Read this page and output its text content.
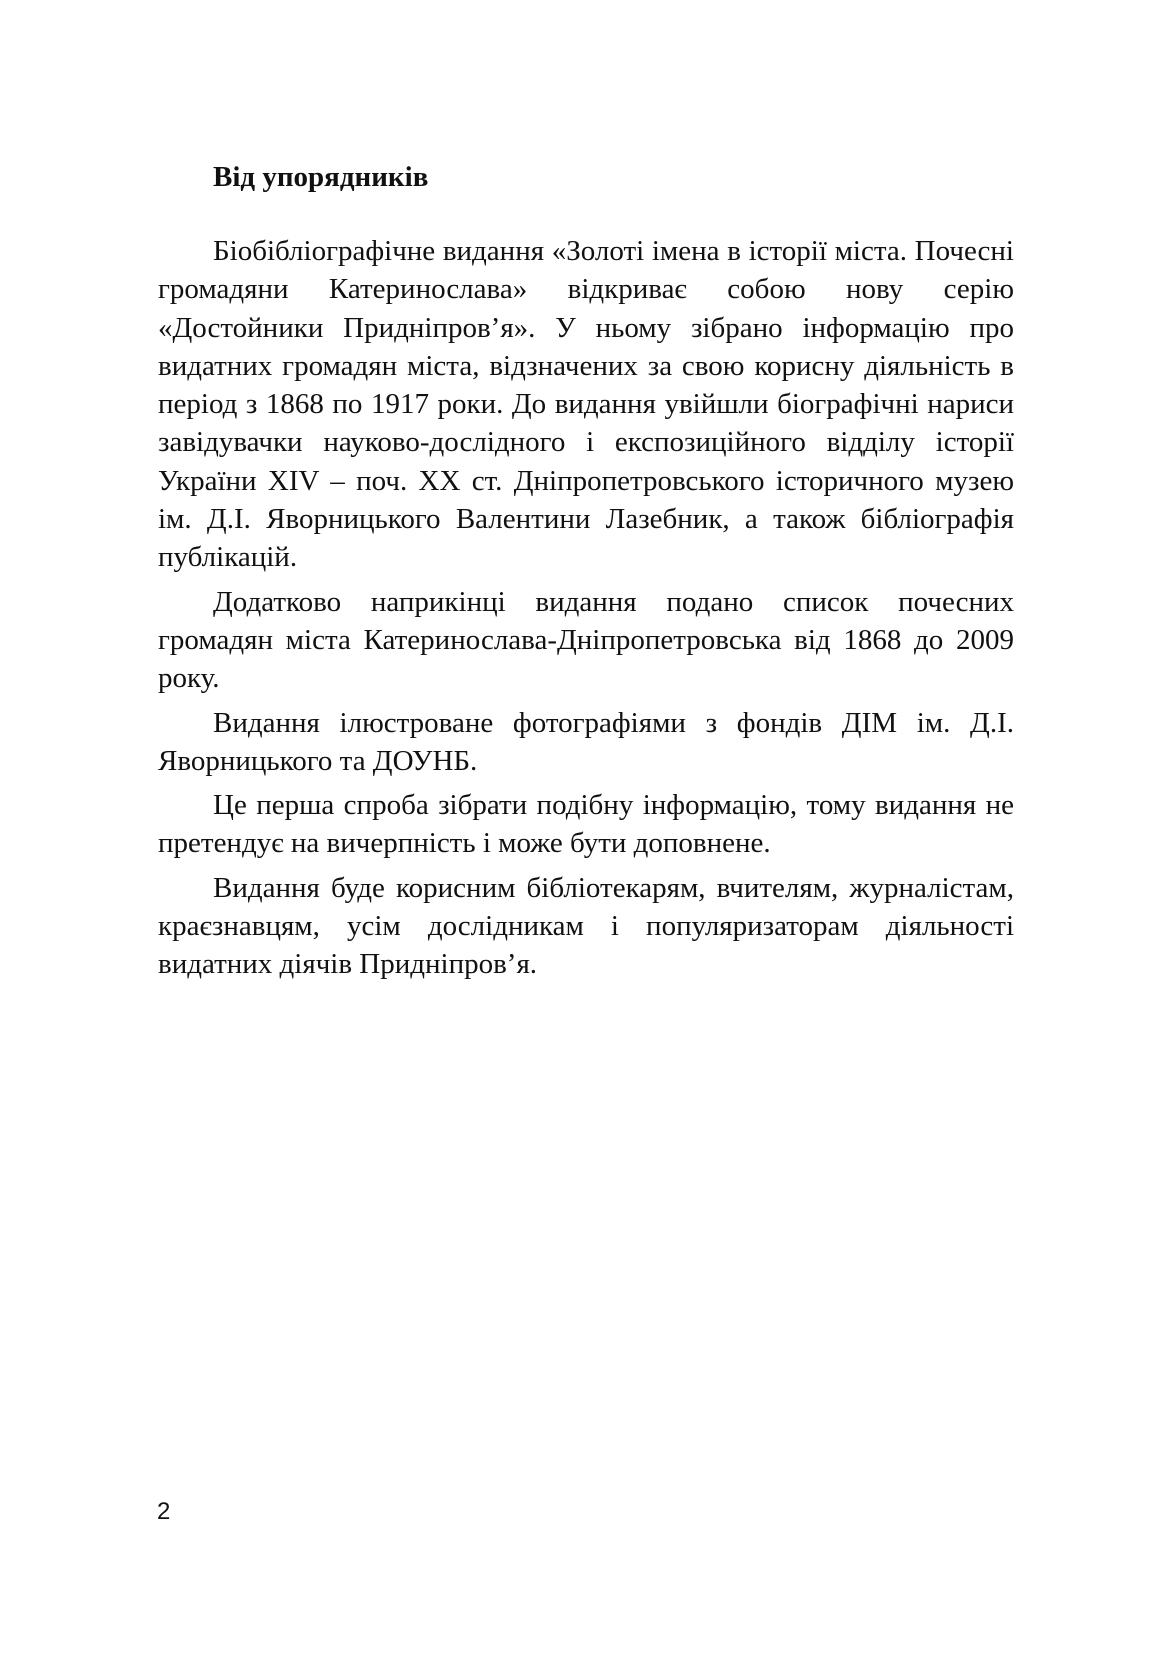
Від упорядників

Біобібліографічне видання «Золоті імена в історії міста. Почесні громадяни Катеринослава» відкриває собою нову серію «Достойники Придніпров’я». У ньому зібрано інформацію про видатних громадян міста, відзначених за свою корисну діяльність в період з 1868 по 1917 роки. До видання увійшли біографічні нариси завідувачки науково-дослідного і експозиційного відділу історії України XIV – поч. XX ст. Дніпропетровського історичного музею ім. Д.І. Яворницького Валентини Лазебник, а також бібліографія публікацій.

Додатково наприкінці видання подано список почесних громадян міста Катеринослава-Дніпропетровська від 1868 до 2009 року.

Видання ілюстроване фотографіями з фондів ДІМ ім. Д.І. Яворницького та ДОУНБ.

Це перша спроба зібрати подібну інформацію, тому видання не претендує на вичерпність і може бути доповнене.

Видання буде корисним бібліотекарям, вчителям, журналістам, краєзнавцям, усім дослідникам і популяризаторам діяльності видатних діячів Придніпров’я.

2
